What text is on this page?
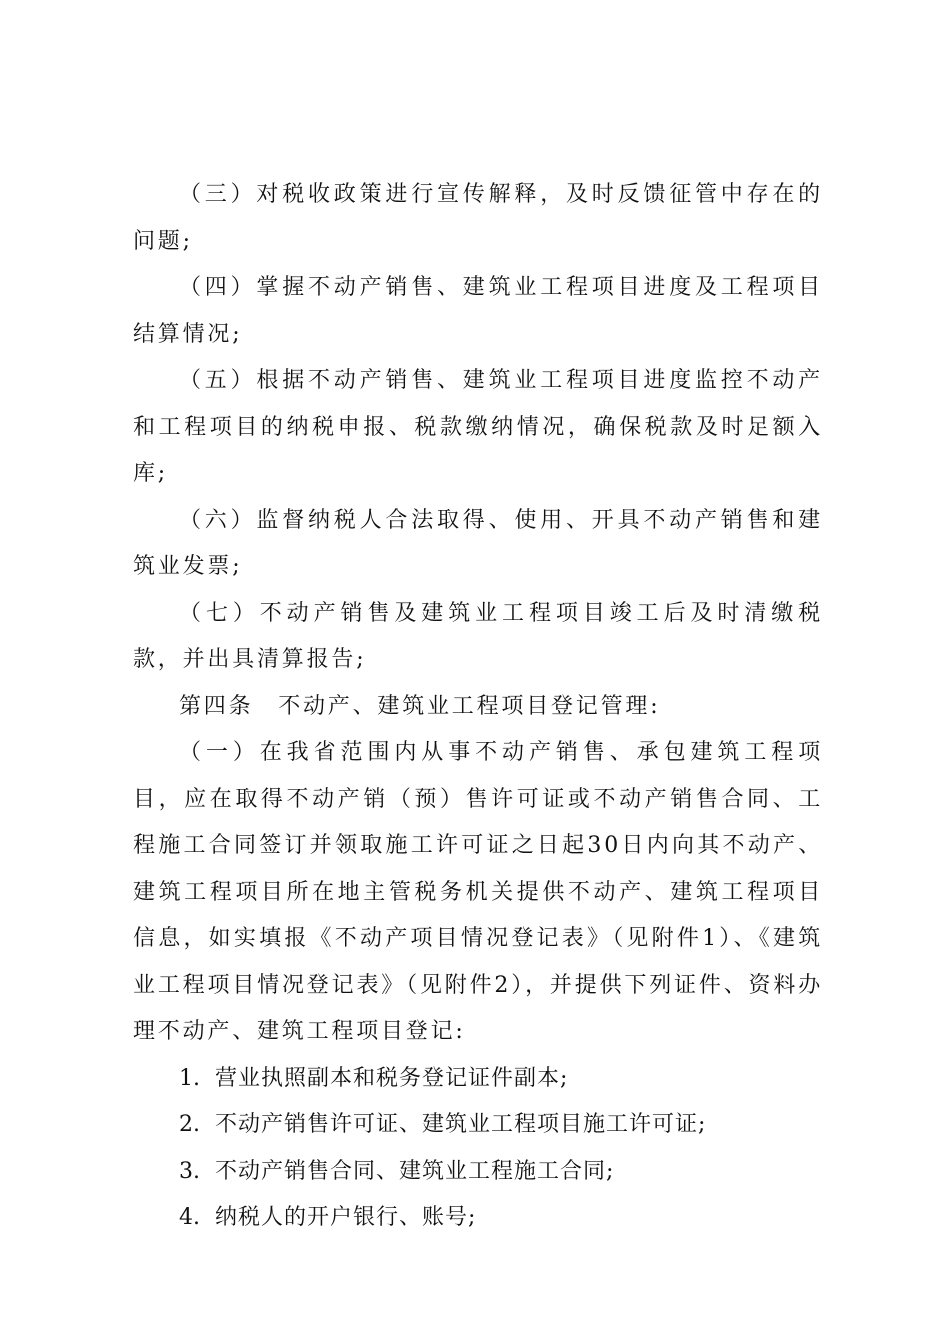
（三）对税收政策进行宣传解释，及时反馈征管中存在的问题;

（四）掌握不动产销售、建筑业工程项目进度及工程项目结算情况;

（五）根据不动产销售、建筑业工程项目进度监控不动产和工程项目的纳税申报、税款缴纳情况，确保税款及时足额入库;

（六）监督纳税人合法取得、使用、开具不动产销售和建筑业发票;

（七）不动产销售及建筑业工程项目竣工后及时清缴税款，并出具清算报告;

第四条　不动产、建筑业工程项目登记管理:

（一）在我省范围内从事不动产销售、承包建筑工程项目，应在取得不动产销（预）售许可证或不动产销售合同、工程施工合同签订并领取施工许可证之日起30日内向其不动产、建筑工程项目所在地主管税务机关提供不动产、建筑工程项目信息，如实填报《不动产项目情况登记表》（见附件1）、《建筑业工程项目情况登记表》（见附件2），并提供下列证件、资料办理不动产、建筑工程项目登记:

1. 营业执照副本和税务登记证件副本;

2. 不动产销售许可证、建筑业工程项目施工许可证;

3. 不动产销售合同、建筑业工程施工合同;

4. 纳税人的开户银行、账号;
